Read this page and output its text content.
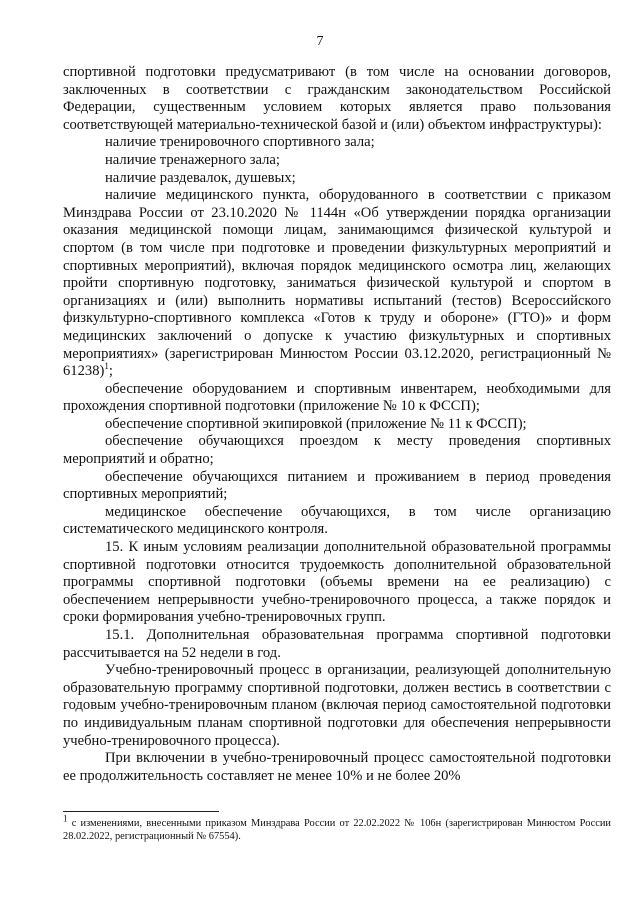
7

спортивной подготовки предусматривают (в том числе на основании договоров, заключенных в соответствии с гражданским законодательством Российской Федерации, существенным условием которых является право пользования соответствующей материально-технической базой и (или) объектом инфраструктуры):

наличие тренировочного спортивного зала;

наличие тренажерного зала;

наличие раздевалок, душевых;

наличие медицинского пункта, оборудованного в соответствии с приказом Минздрава России от 23.10.2020 № 1144н «Об утверждении порядка организации оказания медицинской помощи лицам, занимающимся физической культурой и спортом (в том числе при подготовке и проведении физкультурных мероприятий и спортивных мероприятий), включая порядок медицинского осмотра лиц, желающих пройти спортивную подготовку, заниматься физической культурой и спортом в организациях и (или) выполнить нормативы испытаний (тестов) Всероссийского физкультурно-спортивного комплекса «Готов к труду и обороне» (ГТО)» и форм медицинских заключений о допуске к участию физкультурных и спортивных мероприятиях» (зарегистрирован Минюстом России 03.12.2020, регистрационный № 61238)$^1$;

обеспечение оборудованием и спортивным инвентарем, необходимыми для прохождения спортивной подготовки (приложение № 10 к ФССП);

обеспечение спортивной экипировкой (приложение № 11 к ФССП);

обеспечение обучающихся проездом к месту проведения спортивных мероприятий и обратно;

обеспечение обучающихся питанием и проживанием в период проведения спортивных мероприятий;

медицинское обеспечение обучающихся, в том числе организацию систематического медицинского контроля.

15. К иным условиям реализации дополнительной образовательной программы спортивной подготовки относится трудоемкость дополнительной образовательной программы спортивной подготовки (объемы времени на ее реализацию) с обеспечением непрерывности учебно-тренировочного процесса, а также порядок и сроки формирования учебно-тренировочных групп.

15.1. Дополнительная образовательная программа спортивной подготовки рассчитывается на 52 недели в год.

Учебно-тренировочный процесс в организации, реализующей дополнительную образовательную программу спортивной подготовки, должен вестись в соответствии с годовым учебно-тренировочным планом (включая период самостоятельной подготовки по индивидуальным планам спортивной подготовки для обеспечения непрерывности учебно-тренировочного процесса).

При включении в учебно-тренировочный процесс самостоятельной подготовки ее продолжительность составляет не менее 10% и не более 20%

$^1$ с изменениями, внесенными приказом Минздрава России от 22.02.2022 № 106н (зарегистрирован Минюстом России 28.02.2022, регистрационный № 67554).
